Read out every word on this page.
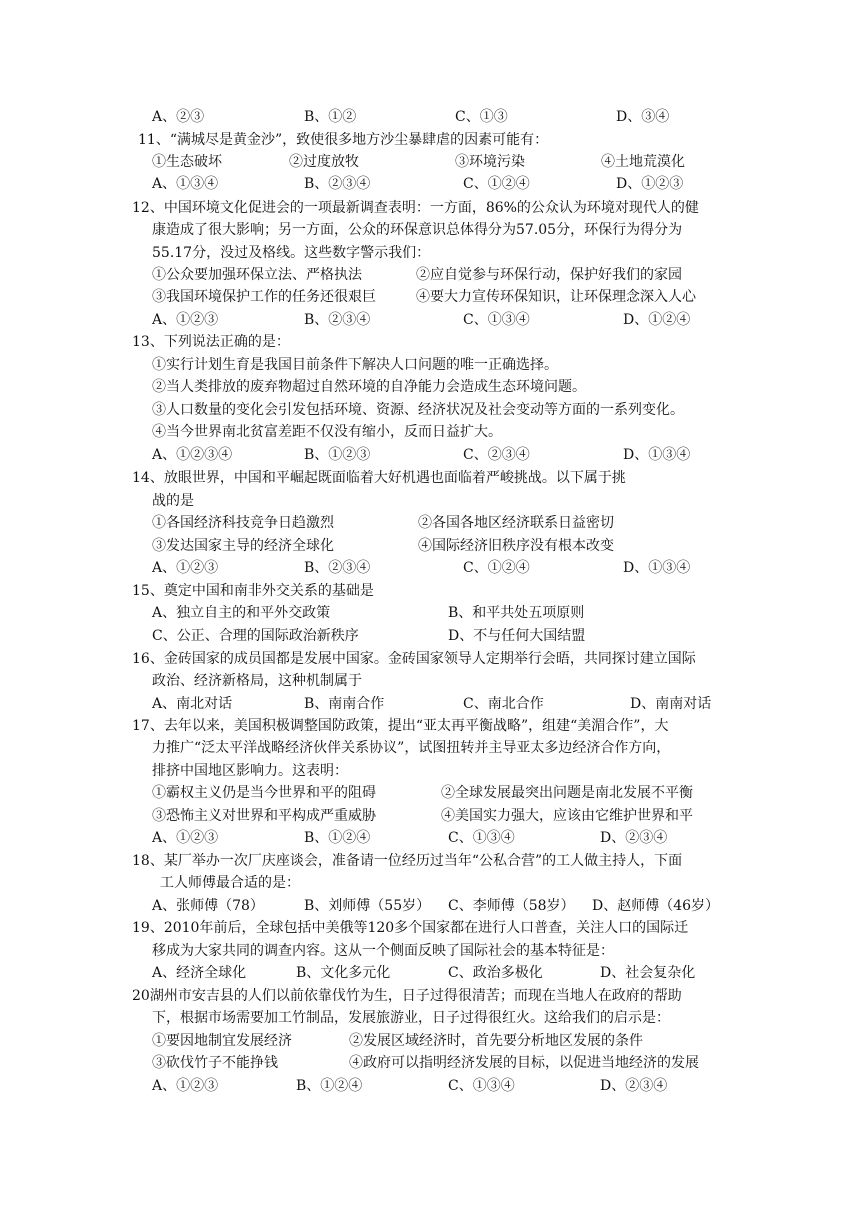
A、②③	B、①②	C、①③	D、③④
11、“满城尽是黄金沙”，致使很多地方沙尘暴肆虐的因素可能有：
①生态破坏	②过度放牧	③环境污染	④土地荒漠化
A、①③④	B、②③④	C、①②④	D、①②③
12、中国环境文化促进会的一项最新调查表明：一方面，86%的公众认为环境对现代人的健
康造成了很大影响；另一方面，公众的环保意识总体得分为57.05分，环保行为得分为
55.17分，没过及格线。这些数字警示我们：
①公众要加强环保立法、严格执法	②应自觉参与环保行动，保护好我们的家园
③我国环境保护工作的任务还很艰巨	④要大力宣传环保知识，让环保理念深入人心
A、①②③	B、②③④	C、①③④	D、①②④
13、下列说法正确的是：
①实行计划生育是我国目前条件下解决人口问题的唯一正确选择。
②当人类排放的废弃物超过自然环境的自净能力会造成生态环境问题。
③人口数量的变化会引发包括环境、资源、经济状况及社会变动等方面的一系列变化。
④当今世界南北贫富差距不仅没有缩小，反而日益扩大。
A、①②③④	B、①②③	C、②③④	D、①③④
14、放眼世界，中国和平崛起既面临着大好机遇也面临着严峻挑战。以下属于挑
战的是
①各国经济科技竞争日趋激烈	②各国各地区经济联系日益密切
③发达国家主导的经济全球化	④国际经济旧秩序没有根本改变
A、①②③	B、②③④	C、①②④	D、①③④
15、奠定中国和南非外交关系的基础是
A、独立自主的和平外交政策	B、和平共处五项原则
C、公正、合理的国际政治新秩序	D、不与任何大国结盟
16、金砖国家的成员国都是发展中国家。金砖国家领导人定期举行会晤，共同探讨建立国际
政治、经济新格局，这种机制属于
A、南北对话	B、南南合作	C、南北合作	D、南南对话
17、去年以来，美国积极调整国防政策，提出“亚太再平衡战略”，组建“美湄合作”，大
力推广“泛太平洋战略经济伙伴关系协议”，试图扭转并主导亚太多边经济合作方向，
排挤中国地区影响力。这表明：
①霸权主义仍是当今世界和平的阻碍	②全球发展最突出问题是南北发展不平衡
③恐怖主义对世界和平构成严重威胁	④美国实力强大，应该由它维护世界和平
A、①②③	B、①②④	C、①③④	D、②③④
18、某厂举办一次厂庆座谈会，准备请一位经历过当年“公私合营”的工人做主持人，下面
工人师傅最合适的是：
A、张师傅（78）	B、刘师傅（55岁） C、李师傅（58岁） D、赵师傅（46岁）
19、2010年前后，全球包括中美俄等120多个国家都在进行人口普查，关注人口的国际迁
移成为大家共同的调查内容。这从一个侧面反映了国际社会的基本特征是：
A、经济全球化	B、文化多元化	C、政治多极化	D、社会复杂化
20湖州市安吉县的人们以前依靠伐竹为生，日子过得很清苦；而现在当地人在政府的帮助
下，根据市场需要加工竹制品，发展旅游业，日子过得很红火。这给我们的启示是：
①要因地制宜发展经济	②发展区域经济时，首先要分析地区发展的条件
③砍伐竹子不能挣钱	④政府可以指明经济发展的目标，以促进当地经济的发展
A、①②③	B、①②④	C、①③④	D、②③④
